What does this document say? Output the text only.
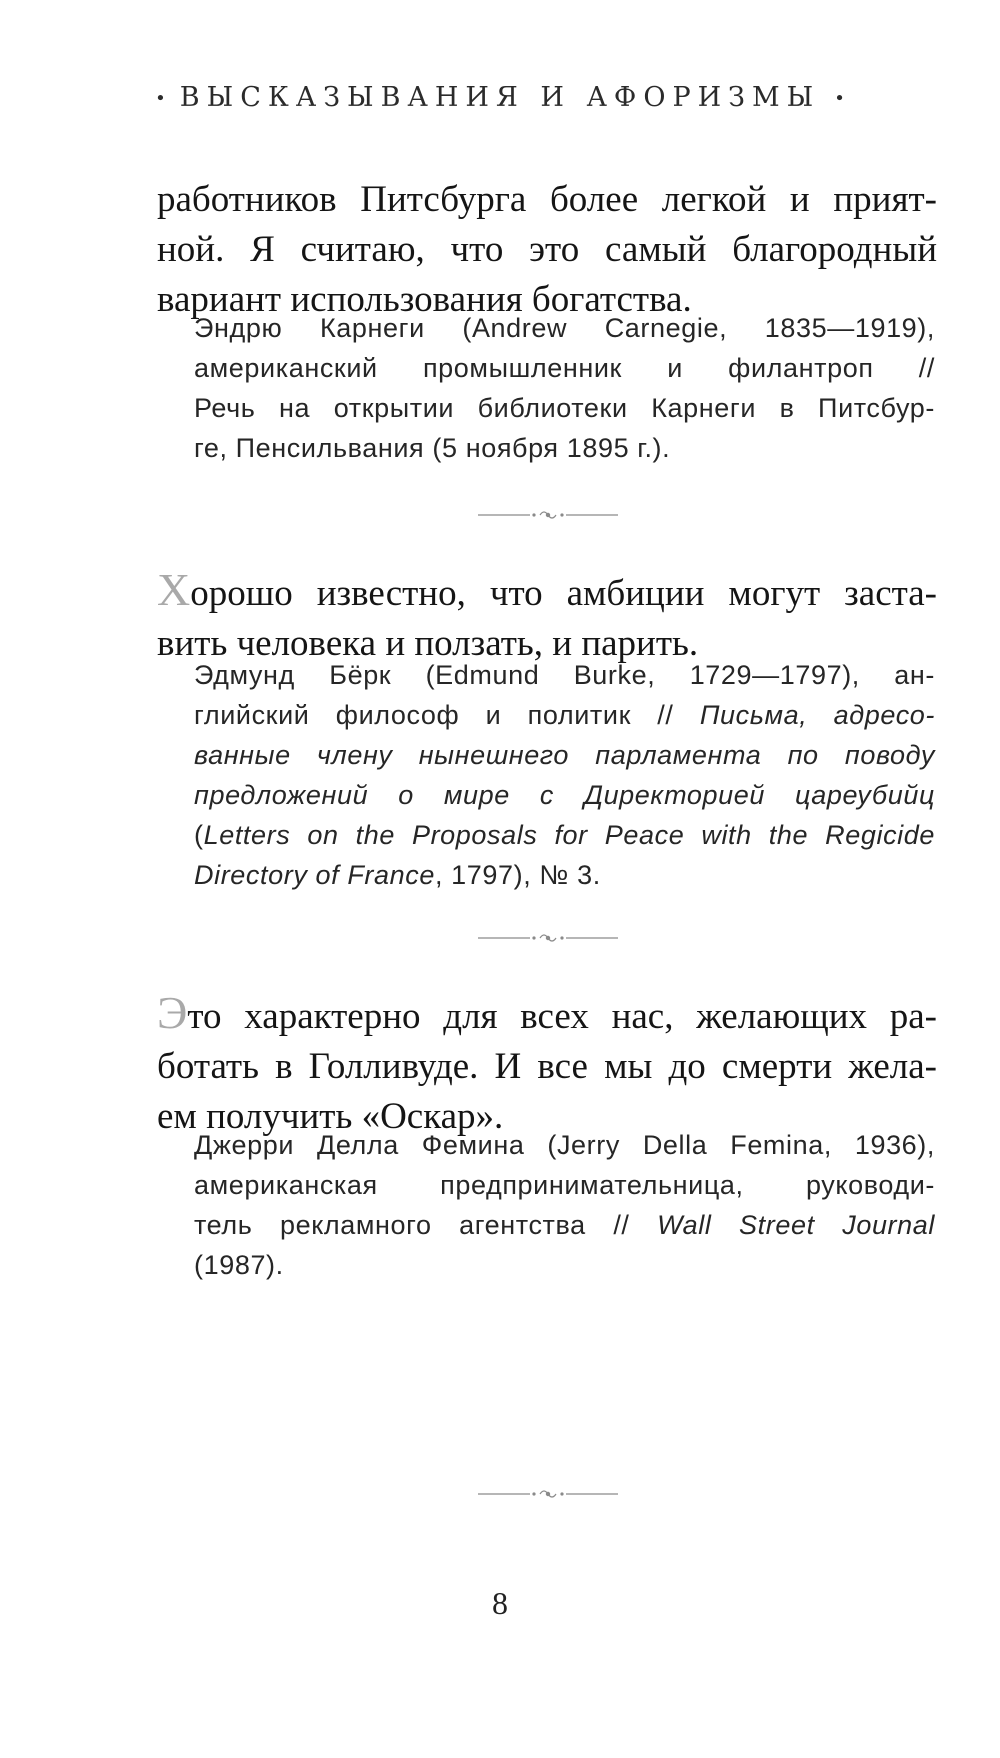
• ВЫСКАЗЫВАНИЯ И АФОРИЗМЫ •
работников Питсбурга более легкой и прият-
ной. Я считаю, что это самый благородный
вариант использования богатства.
Эндрю Карнеги (Andrew Carnegie, 1835—1919),
американский промышленник и филантроп //
Речь на открытии библиотеки Карнеги в Питсбур-
ге, Пенсильвания (5 ноября 1895 г.).
Хорошо известно, что амбиции могут заста-
вить человека и ползать, и парить.
Эдмунд Бёрк (Edmund Burke, 1729—1797), ан-
глийский философ и политик // Письма, адресо-
ванные члену нынешнего парламента по поводу
предложений о мире с Директорией цареубийц
(Letters on the Proposals for Peace with the Regicide
Directory of France, 1797), № 3.
Это характерно для всех нас, желающих ра-
ботать в Голливуде. И все мы до смерти жела-
ем получить «Оскар».
Джерри Делла Фемина (Jerry Della Femina, 1936),
американская предпринимательница, руководи-
тель рекламного агентства // Wall Street Journal
(1987).
8
